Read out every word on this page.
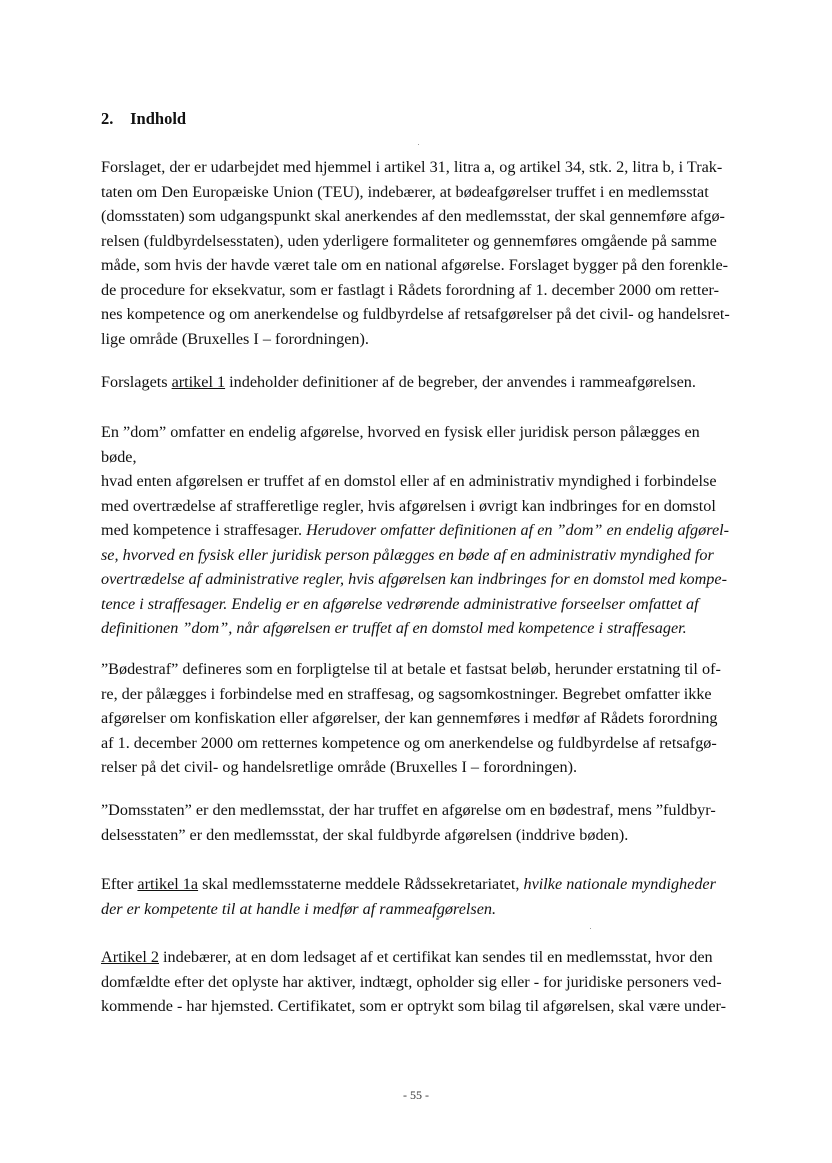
2. Indhold

Forslaget, der er udarbejdet med hjemmel i artikel 31, litra a, og artikel 34, stk. 2, litra b, i Trak-

taten om Den Europæiske Union (TEU), indebærer, at bødeafgørelser truffet i en medlemsstat

(domsstaten) som udgangspunkt skal anerkendes af den medlemsstat, der skal gennemføre afgø-

relsen (fuldbyrdelsesstaten), uden yderligere formaliteter og gennemføres omgående på samme

måde, som hvis der havde været tale om en national afgørelse. Forslaget bygger på den forenkle-

de procedure for eksekvatur, som er fastlagt i Rådets forordning af 1. december 2000 om retter-

nes kompetence og om anerkendelse og fuldbyrdelse af retsafgørelser på det civil- og handelsret-

lige område (Bruxelles I – forordningen).

Forslagets artikel 1 indeholder definitioner af de begreber, der anvendes i rammeafgørelsen.

En ”dom” omfatter en endelig afgørelse, hvorved en fysisk eller juridisk person pålægges en

bøde,

hvad enten afgørelsen er truffet af en domstol eller af en administrativ myndighed i forbindelse

med overtrædelse af strafferetlige regler, hvis afgørelsen i øvrigt kan indbringes for en domstol

med kompetence i straffesager. Herudover omfatter definitionen af en ”dom” en endelig afgørel-

se, hvorved en fysisk eller juridisk person pålægges en bøde af en administrativ myndighed for

overtrædelse af administrative regler, hvis afgørelsen kan indbringes for en domstol med kompe-

tence i straffesager. Endelig er en afgørelse vedrørende administrative forseelser omfattet af

definitionen ”dom”, når afgørelsen er truffet af en domstol med kompetence i straffesager.

”Bødestraf” defineres som en forpligtelse til at betale et fastsat beløb, herunder erstatning til of-

re, der pålægges i forbindelse med en straffesag, og sagsomkostninger. Begrebet omfatter ikke

afgørelser om konfiskation eller afgørelser, der kan gennemføres i medfør af Rådets forordning

af 1. december 2000 om retternes kompetence og om anerkendelse og fuldbyrdelse af retsafgø-

relser på det civil- og handelsretlige område (Bruxelles I – forordningen).

”Domsstaten” er den medlemsstat, der har truffet en afgørelse om en bødestraf, mens ”fuldbyr-

delsesstaten” er den medlemsstat, der skal fuldbyrde afgørelsen (inddrive bøden).

Efter artikel 1a skal medlemsstaterne meddele Rådssekretariatet, hvilke nationale myndigheder

der er kompetente til at handle i medfør af rammeafgørelsen.

Artikel 2 indebærer, at en dom ledsaget af et certifikat kan sendes til en medlemsstat, hvor den

domfældte efter det oplyste har aktiver, indtægt, opholder sig eller - for juridiske personers ved-

kommende - har hjemsted. Certifikatet, som er optrykt som bilag til afgørelsen, skal være under-

- 55 -
